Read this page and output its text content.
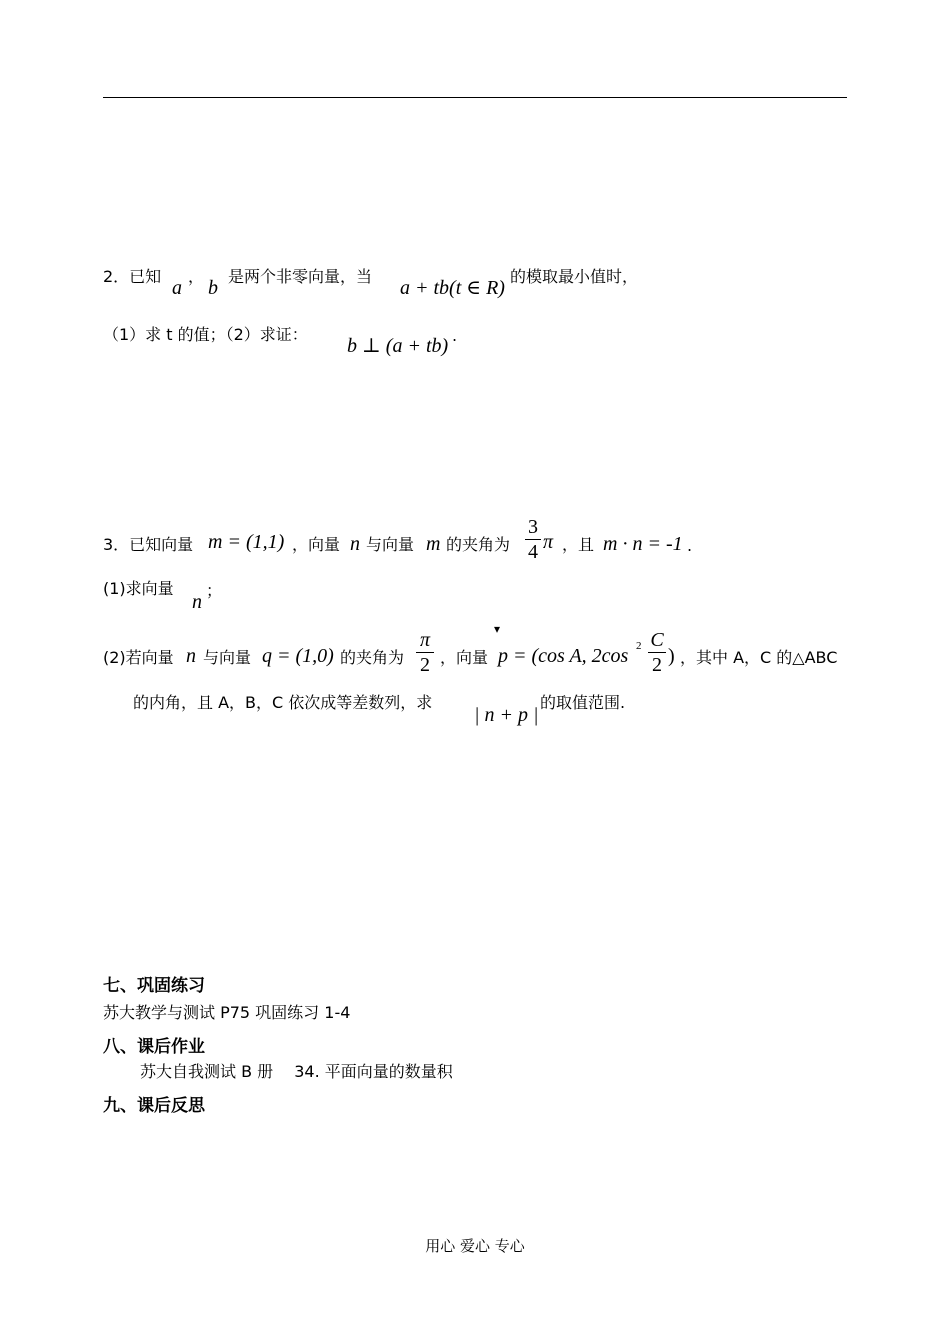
2．已知
a
，
b
是两个非零向量，当
a + tb(t ∈ R)
的模取最小值时，
（1）求 t 的值；（2）求证：
b ⊥ (a + tb) .
3．已知向量 m = (1,1) ，向量 n 与向量 m 的夹角为
3
4 π ，且 m · n = -1 .
(1)求向量
n
；
(2)若向量 n 与向量 q = (1,0) 的夹角为
π
2 ，向量
▾
p = (cos A, 2cos 2 C
2 ) ，其中 A，C 的△ABC
的内角，且 A，B，C 依次成等差数列，求
| n + p |
的取值范围.
七、巩固练习
苏大教学与测试 P75 巩固练习 1-4
八、课后作业
苏大自我测试 B 册　 34. 平面向量的数量积
九、课后反思
用心 爱心 专心
